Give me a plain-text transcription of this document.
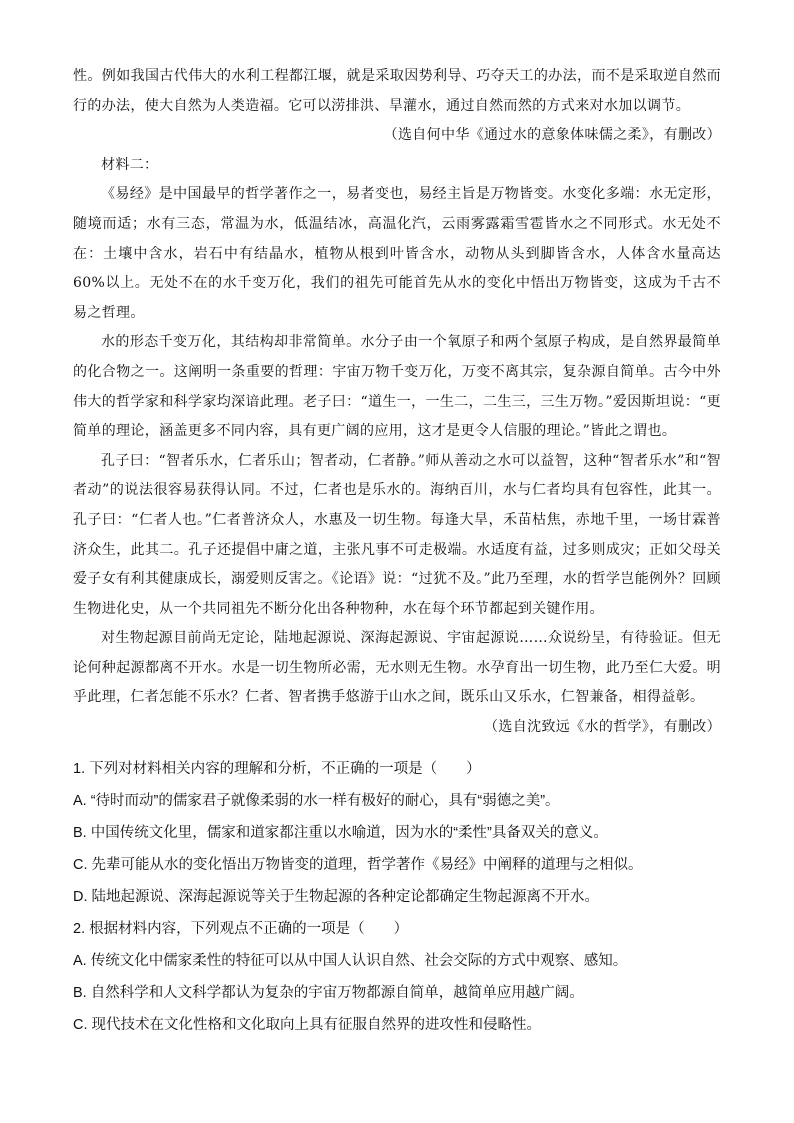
性。例如我国古代伟大的水利工程都江堰，就是采取因势利导、巧夺天工的办法，而不是采取逆自然而行的办法，使大自然为人类造福。它可以涝排洪、旱灌水，通过自然而然的方式来对水加以调节。

（选自何中华《通过水的意象体味儒之柔》，有删改）

材料二：

《易经》是中国最早的哲学著作之一，易者变也，易经主旨是万物皆变。水变化多端：水无定形，随境而适；水有三态，常温为水，低温结冰，高温化汽，云雨雾露霜雪雹皆水之不同形式。水无处不在：土壤中含水，岩石中有结晶水，植物从根到叶皆含水，动物从头到脚皆含水，人体含水量高达60%以上。无处不在的水千变万化，我们的祖先可能首先从水的变化中悟出万物皆变，这成为千古不易之哲理。

水的形态千变万化，其结构却非常简单。水分子由一个氧原子和两个氢原子构成，是自然界最简单的化合物之一。这阐明一条重要的哲理：宇宙万物千变万化，万变不离其宗，复杂源自简单。古今中外伟大的哲学家和科学家均深谙此理。老子曰：“道生一，一生二，二生三，三生万物。”爱因斯坦说：“更简单的理论，涵盖更多不同内容，具有更广阔的应用，这才是更令人信服的理论。”皆此之谓也。

孔子曰：“智者乐水，仁者乐山；智者动，仁者静。”师从善动之水可以益智，这种“智者乐水”和“智者动”的说法很容易获得认同。不过，仁者也是乐水的。海纳百川，水与仁者均具有包容性，此其一。孔子曰：“仁者人也。”仁者普济众人，水惠及一切生物。每逢大旱，禾苗枯焦，赤地千里，一场甘霖普济众生，此其二。孔子还提倡中庸之道，主张凡事不可走极端。水适度有益，过多则成灾；正如父母关爱子女有利其健康成长，溺爱则反害之。《论语》说：“过犹不及。”此乃至理，水的哲学岂能例外？回顾生物进化史，从一个共同祖先不断分化出各种物种，水在每个环节都起到关键作用。

对生物起源目前尚无定论，陆地起源说、深海起源说、宇宙起源说……众说纷呈，有待验证。但无论何种起源都离不开水。水是一切生物所必需，无水则无生物。水孕育出一切生物，此乃至仁大爱。明乎此理，仁者怎能不乐水？仁者、智者携手悠游于山水之间，既乐山又乐水，仁智兼备，相得益彰。

（选自沈致远《水的哲学》，有删改）

1. 下列对材料相关内容的理解和分析，不正确的一项是（　　）

A. “待时而动”的儒家君子就像柔弱的水一样有极好的耐心，具有“弱德之美”。

B. 中国传统文化里，儒家和道家都注重以水喻道，因为水的“柔性”具备双关的意义。

C. 先辈可能从水的变化悟出万物皆变的道理，哲学著作《易经》中阐释的道理与之相似。

D. 陆地起源说、深海起源说等关于生物起源的各种定论都确定生物起源离不开水。

2. 根据材料内容，下列观点不正确的一项是（　　）

A. 传统文化中儒家柔性的特征可以从中国人认识自然、社会交际的方式中观察、感知。

B. 自然科学和人文科学都认为复杂的宇宙万物都源自简单，越简单应用越广阔。

C. 现代技术在文化性格和文化取向上具有征服自然界的进攻性和侵略性。
